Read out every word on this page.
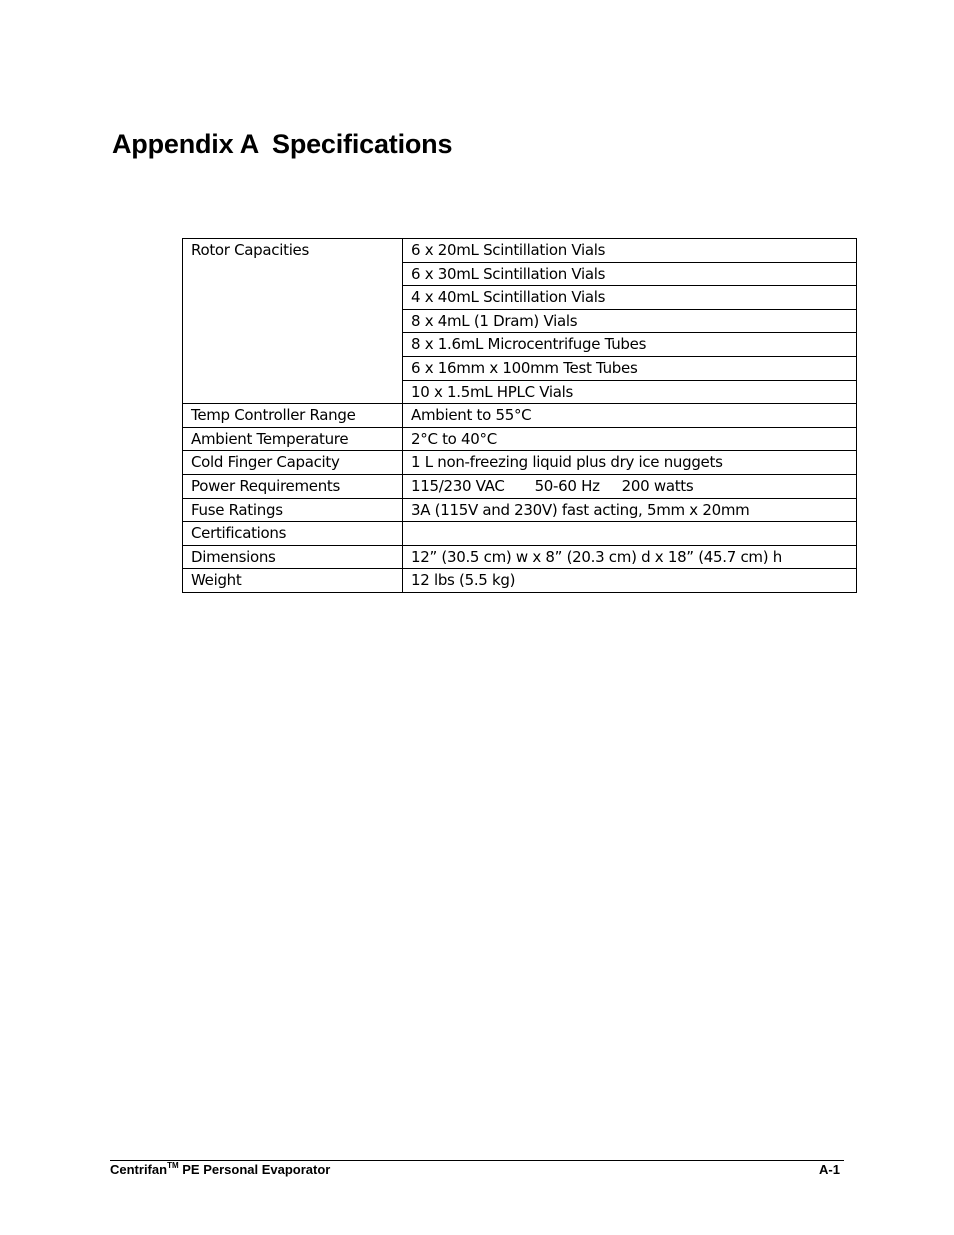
Appendix A Specifications
Rotor Capacities	6 x 20mL Scintillation Vials
	6 x 30mL Scintillation Vials
	4 x 40mL Scintillation Vials
	8 x 4mL (1 Dram) Vials
	8 x 1.6mL Microcentrifuge Tubes
	6 x 16mm x 100mm Test Tubes
	10 x 1.5mL HPLC Vials
Temp Controller Range	Ambient to 55°C
Ambient Temperature	2°C to 40°C
Cold Finger Capacity	1 L non-freezing liquid plus dry ice nuggets
Power Requirements	115/230 VAC 50-60 Hz 200 watts
Fuse Ratings	3A (115V and 230V) fast acting, 5mm x 20mm
Certifications	
Dimensions	12” (30.5 cm) w x 8” (20.3 cm) d x 18” (45.7 cm) h
Weight	12 lbs (5.5 kg)
Centrifan™ PE Personal Evaporator	A-1
